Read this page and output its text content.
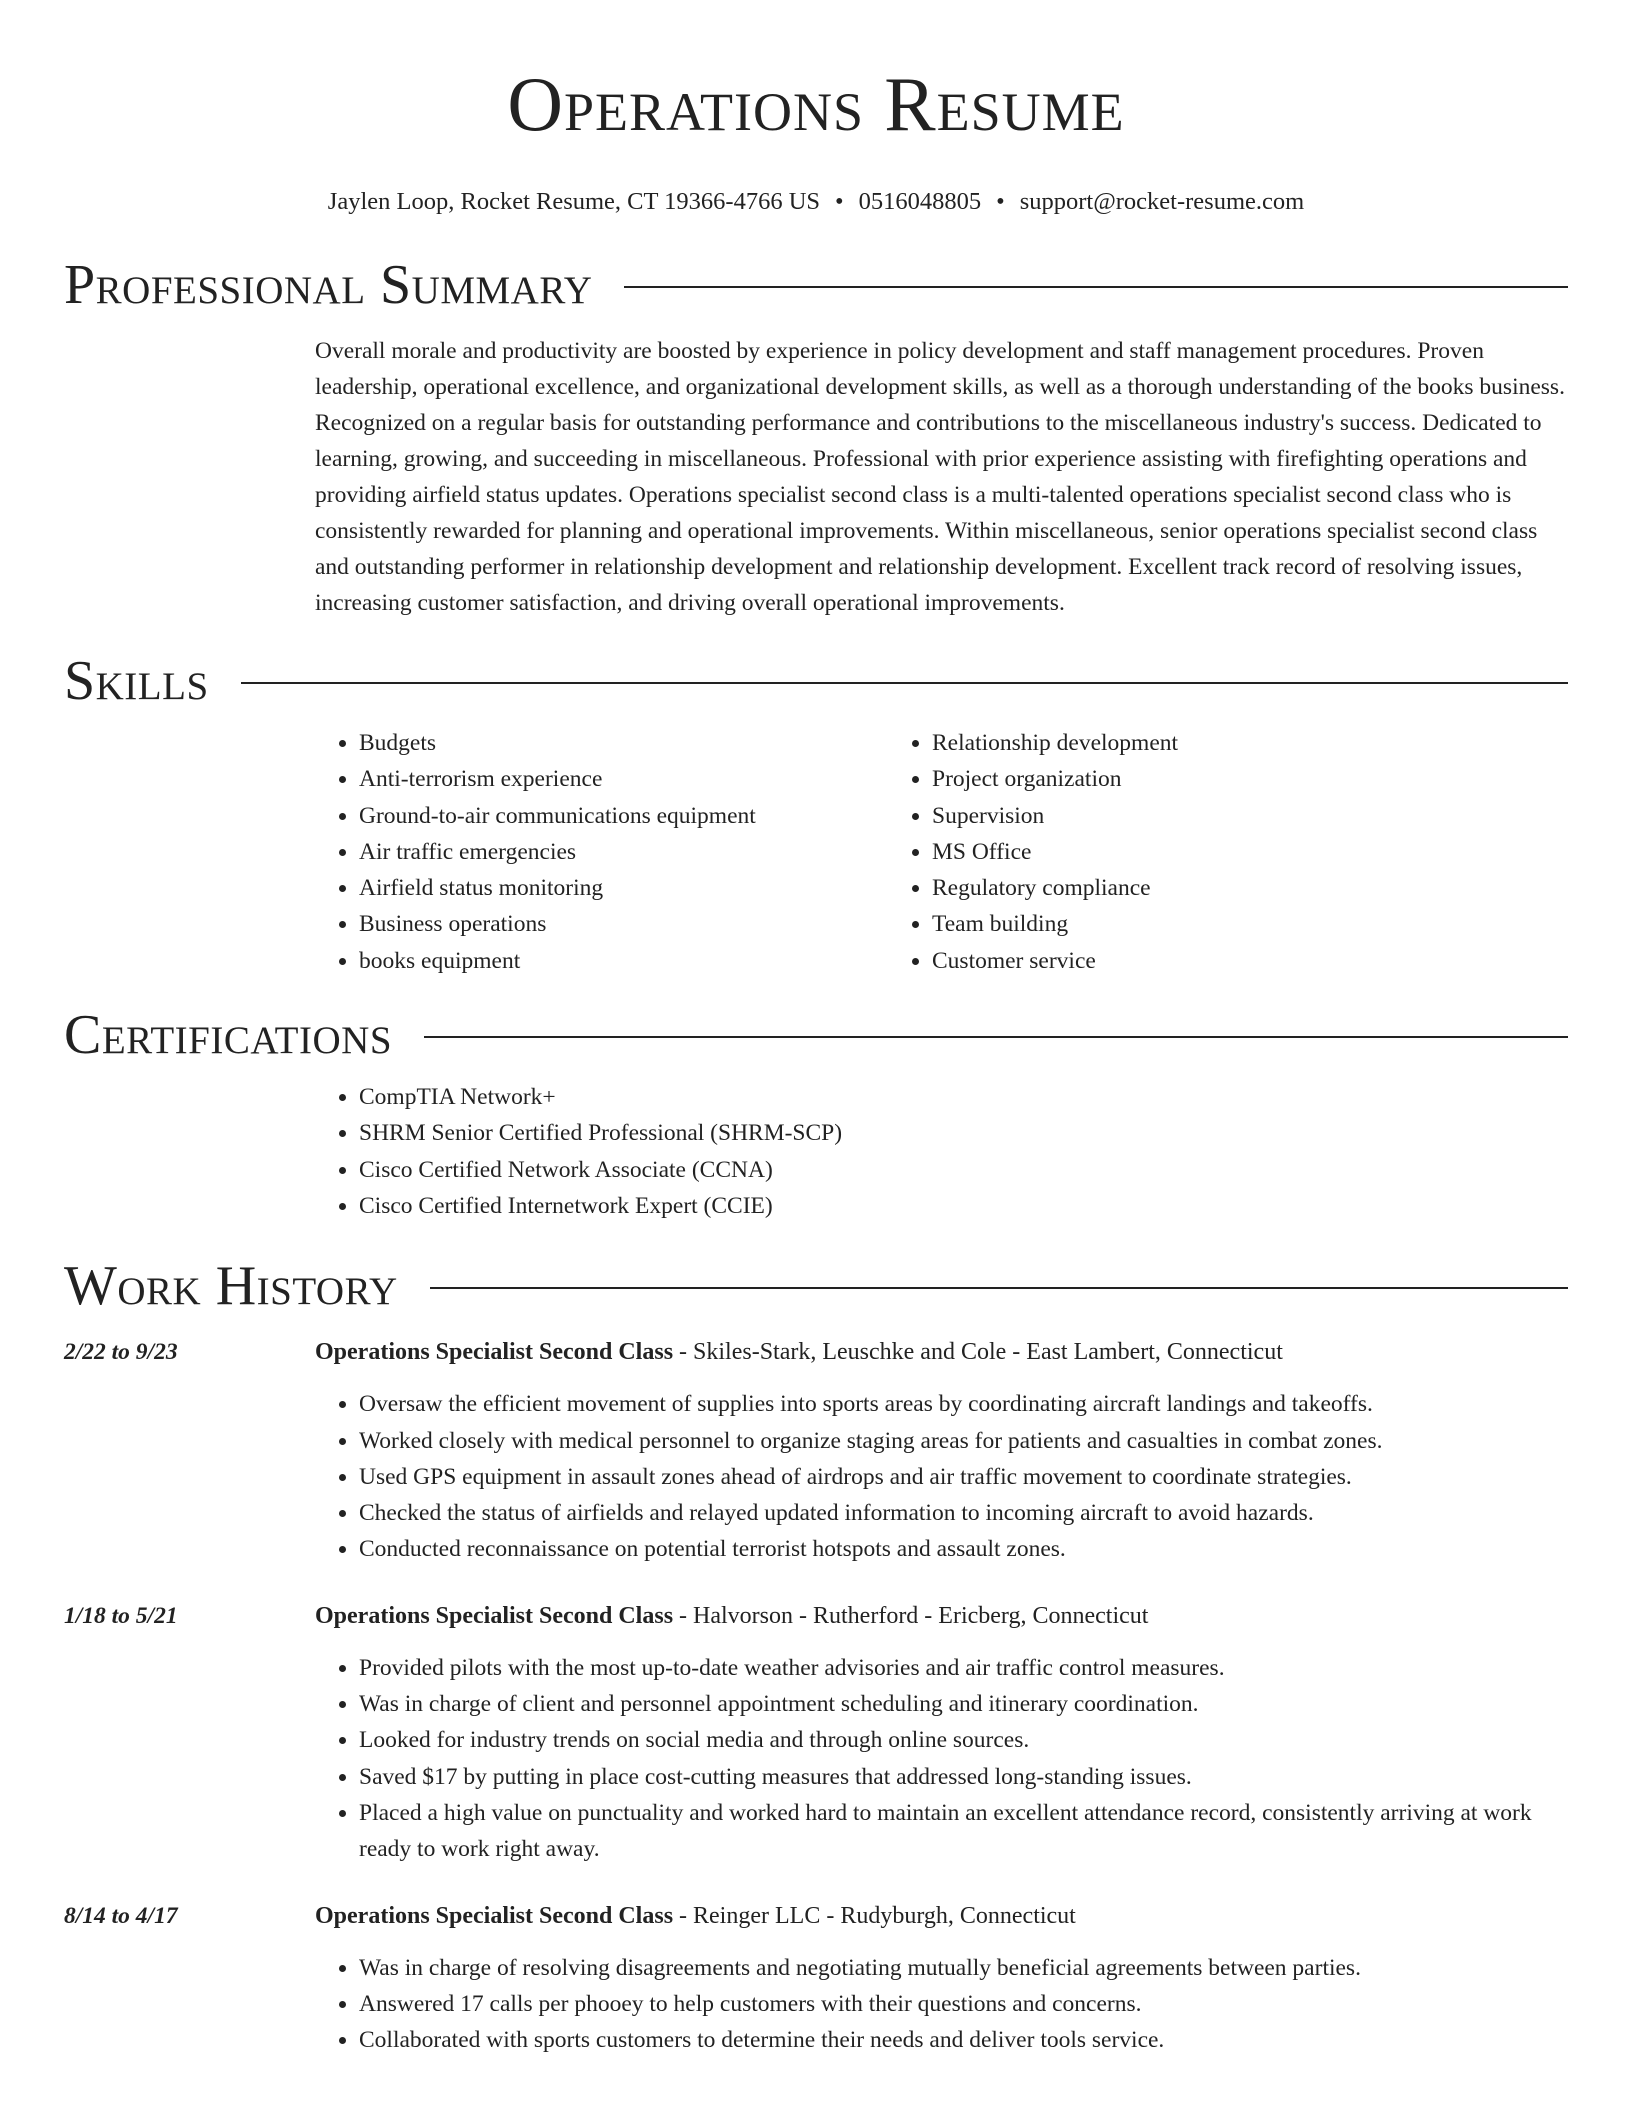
Operations Resume
Jaylen Loop, Rocket Resume, CT 19366-4766 US • 0516048805 • support@rocket-resume.com
Professional Summary
Overall morale and productivity are boosted by experience in policy development and staff management procedures. Proven leadership, operational excellence, and organizational development skills, as well as a thorough understanding of the books business. Recognized on a regular basis for outstanding performance and contributions to the miscellaneous industry's success. Dedicated to learning, growing, and succeeding in miscellaneous. Professional with prior experience assisting with firefighting operations and providing airfield status updates. Operations specialist second class is a multi-talented operations specialist second class who is consistently rewarded for planning and operational improvements. Within miscellaneous, senior operations specialist second class and outstanding performer in relationship development and relationship development. Excellent track record of resolving issues, increasing customer satisfaction, and driving overall operational improvements.
Skills
• Budgets
• Anti-terrorism experience
• Ground-to-air communications equipment
• Air traffic emergencies
• Airfield status monitoring
• Business operations
• books equipment
• Relationship development
• Project organization
• Supervision
• MS Office
• Regulatory compliance
• Team building
• Customer service
Certifications
• CompTIA Network+
• SHRM Senior Certified Professional (SHRM-SCP)
• Cisco Certified Network Associate (CCNA)
• Cisco Certified Internetwork Expert (CCIE)
Work History
2/22 to 9/23	Operations Specialist Second Class - Skiles-Stark, Leuschke and Cole - East Lambert, Connecticut
• Oversaw the efficient movement of supplies into sports areas by coordinating aircraft landings and takeoffs.
• Worked closely with medical personnel to organize staging areas for patients and casualties in combat zones.
• Used GPS equipment in assault zones ahead of airdrops and air traffic movement to coordinate strategies.
• Checked the status of airfields and relayed updated information to incoming aircraft to avoid hazards.
• Conducted reconnaissance on potential terrorist hotspots and assault zones.
1/18 to 5/21	Operations Specialist Second Class - Halvorson - Rutherford - Ericberg, Connecticut
• Provided pilots with the most up-to-date weather advisories and air traffic control measures.
• Was in charge of client and personnel appointment scheduling and itinerary coordination.
• Looked for industry trends on social media and through online sources.
• Saved $17 by putting in place cost-cutting measures that addressed long-standing issues.
• Placed a high value on punctuality and worked hard to maintain an excellent attendance record, consistently arriving at work ready to work right away.
8/14 to 4/17	Operations Specialist Second Class - Reinger LLC - Rudyburgh, Connecticut
• Was in charge of resolving disagreements and negotiating mutually beneficial agreements between parties.
• Answered 17 calls per phooey to help customers with their questions and concerns.
• Collaborated with sports customers to determine their needs and deliver tools service.
